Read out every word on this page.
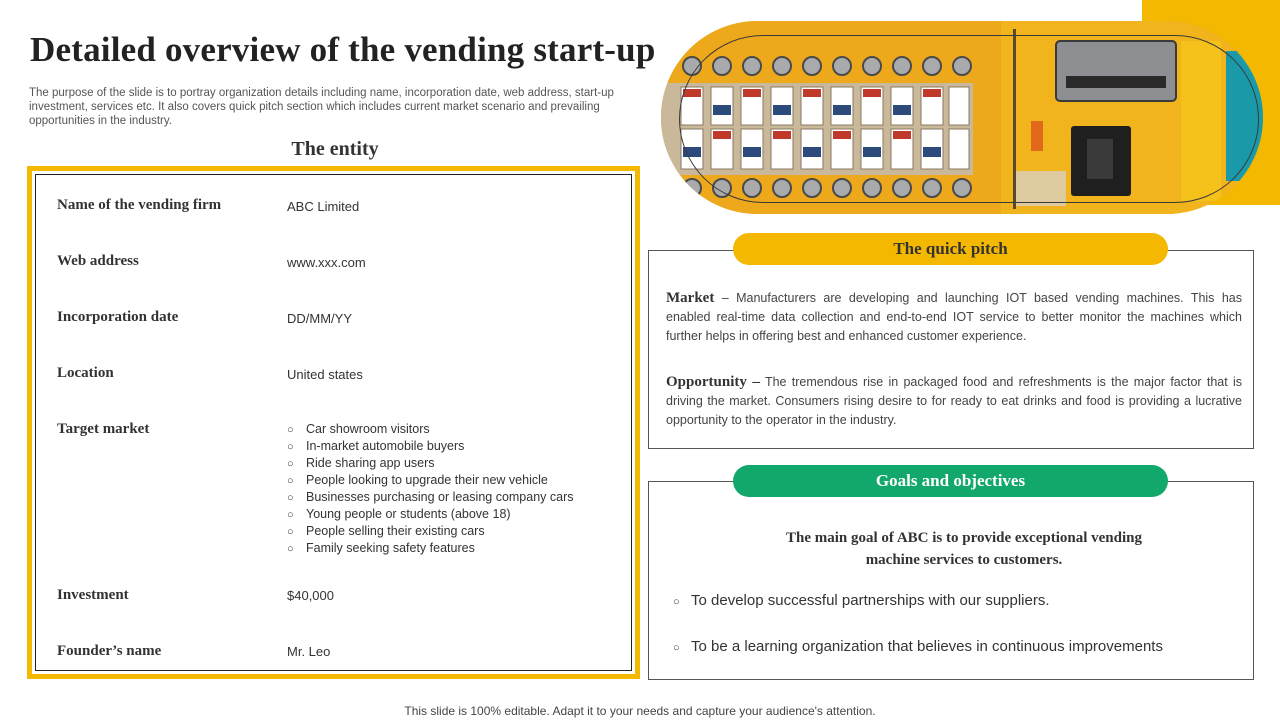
Detailed overview of the vending start-up

The purpose of the slide is to portray organization details including name, incorporation date, web address, start-up investment, services etc. It also covers quick pitch section which includes current market scenario and prevailing opportunities in the industry.

The entity
Name of the vending firm	ABC Limited
Web address	www.xxx.com
Incorporation date	DD/MM/YY
Location	United states
Target market	○ Car showroom visitors
○ In-market automobile buyers
○ Ride sharing app users
○ People looking to upgrade their new vehicle
○ Businesses purchasing or leasing company cars
○ Young people or students (above 18)
○ People selling their existing cars
○ Family seeking safety features
Investment	$40,000
Founder’s name	Mr. Leo

Market – Manufacturers are developing and launching IOT based vending machines. This has enabled real-time data collection and end-to-end IOT service to better monitor the machines which further helps in offering best and enhanced customer experience.

Opportunity – The tremendous rise in packaged food and refreshments is the major factor that is driving the market. Consumers rising desire to for ready to eat drinks and food is providing a lucrative opportunity to the operator in the industry.

The quick pitch

The main goal of ABC is to provide exceptional vending machine services to customers.

○ To develop successful partnerships with our suppliers.
○ To be a learning organization that believes in continuous improvements
Goals and objectives
This slide is 100% editable. Adapt it to your needs and capture your audience's attention.
